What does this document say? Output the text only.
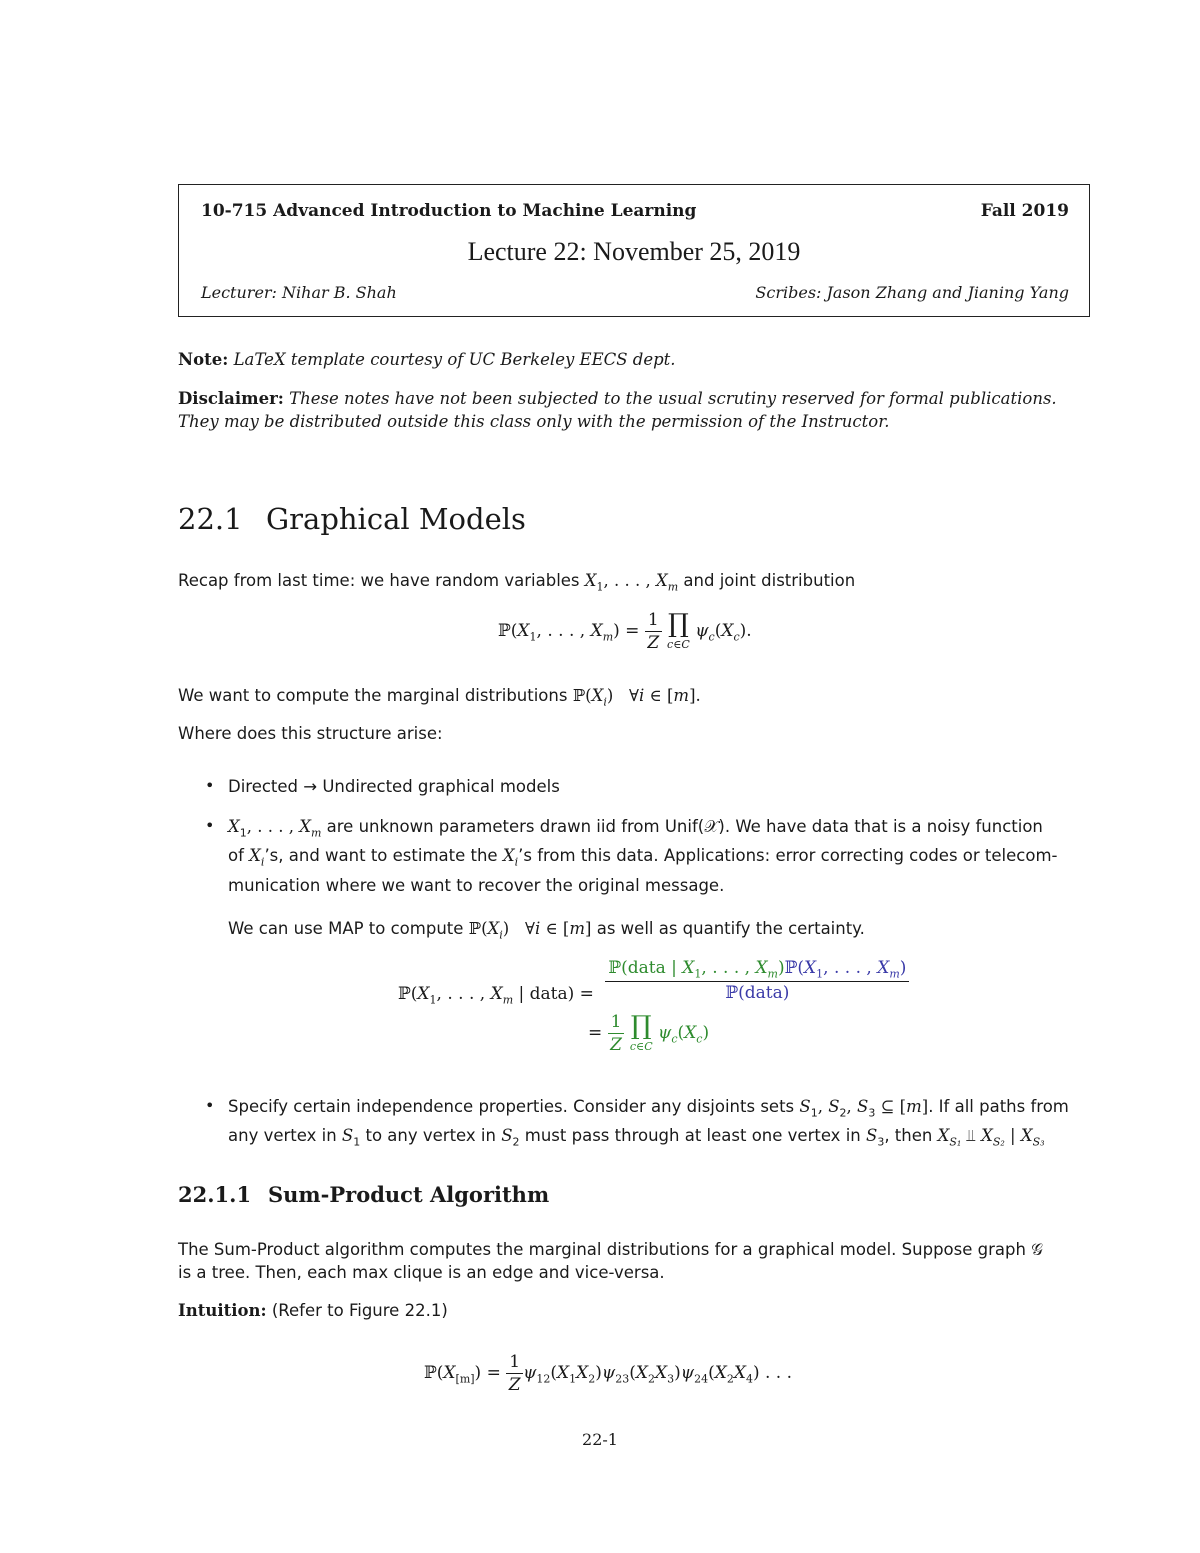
10-715 Advanced Introduction to Machine Learning	Fall 2019
Lecture 22: November 25, 2019
Lecturer: Nihar B. Shah	Scribes: Jason Zhang and Jianing Yang
Note: LaTeX template courtesy of UC Berkeley EECS dept.
Disclaimer: These notes have not been subjected to the usual scrutiny reserved for formal publications.
They may be distributed outside this class only with the permission of the Instructor.
22.1 Graphical Models
Recap from last time: we have random variables $X_1$, . . . , $X_m$ and joint distribution
$ℙ(X_1$, . . . , $X_m) = \frac{1}{Z}$
∏
c∈C
$\psi_c(X_c)$.
We want to compute the marginal distributions $ℙ(X_i)$   ∀i ∈ [m].
Where does this structure arise:
• Directed → Undirected graphical models
• $X_1$, . . . , $X_m$ are unknown parameters drawn iid from Unif(𝒳). We have data that is a noisy function
of $X_i’s$, and want to estimate the $X_i’s$ from this data. Applications: error correcting codes or telecom-
munication where we want to recover the original message.
We can use MAP to compute $ℙ(X_i)$   ∀i ∈ [m] as well as quantify the certainty.
$ℙ(X_1$, . . . , $X_m$ | data) = $\frac{ℙ(data | X_1, . . . , X_m)ℙ(X_1, . . . , X_m)}{\text{ℙ(data)}}$
= $\frac{1}{Z}$
∏
c∈C
$\psi_c(X_c)$
• Specify certain independence properties. Consider any disjoints sets $S_1$, $S_2$, $S_3$ ⊆ [m]. If all paths from
any vertex in $S_1$ to any vertex in $S_2$ must pass through at least one vertex in $S_3$, then $X_{S_1}$ ⫫ $X_{S_2}$ | $X_{S_3}$
22.1.1 Sum-Product Algorithm
The Sum-Product algorithm computes the marginal distributions for a graphical model. Suppose graph 𝒢
is a tree. Then, each max clique is an edge and vice-versa.
Intuition: (Refer to Figure 22.1)
$ℙ(X_{[m]}) = \frac{1}{Z} \psi_{12}(X_1X_2)\psi_{23}(X_2X_3)\psi_{24}(X_2X_4)$ . . .
22-1
